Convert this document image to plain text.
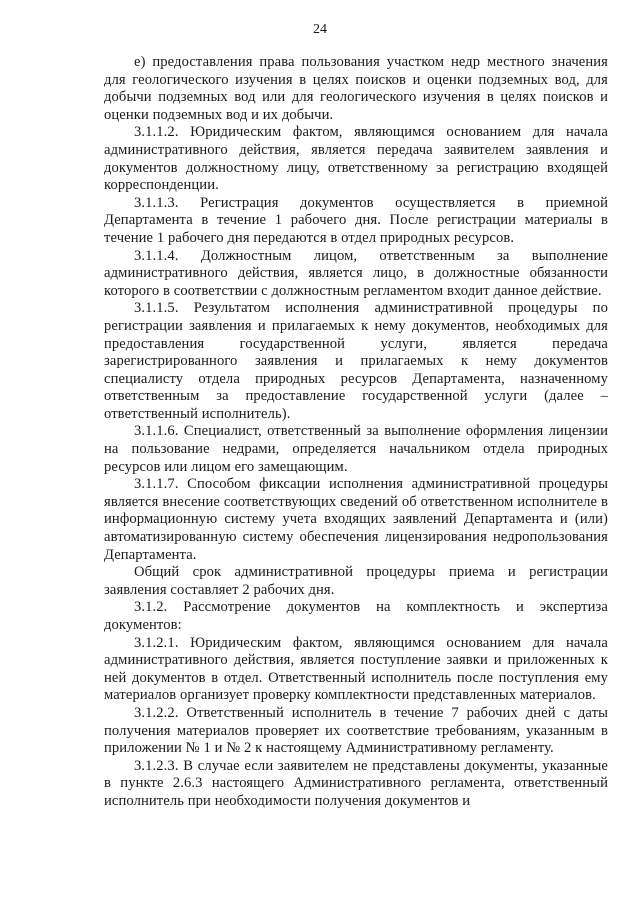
24

е) предоставления права пользования участком недр местного значения для геологического изучения в целях поисков и оценки подземных вод, для добычи подземных вод или для геологического изучения в целях поисков и оценки подземных вод и их добычи.

3.1.1.2. Юридическим фактом, являющимся основанием для начала административного действия, является передача заявителем заявления и документов должностному лицу, ответственному за регистрацию входящей корреспонденции.

3.1.1.3. Регистрация документов осуществляется в приемной Департамента в течение 1 рабочего дня. После регистрации материалы в течение 1 рабочего дня передаются в отдел природных ресурсов.

3.1.1.4. Должностным лицом, ответственным за выполнение административного действия, является лицо, в должностные обязанности которого в соответствии с должностным регламентом входит данное действие.

3.1.1.5. Результатом исполнения административной процедуры по регистрации заявления и прилагаемых к нему документов, необходимых для предоставления государственной услуги, является передача зарегистрированного заявления и прилагаемых к нему документов специалисту отдела природных ресурсов Департамента, назначенному ответственным за предоставление государственной услуги (далее – ответственный исполнитель).

3.1.1.6. Специалист, ответственный за выполнение оформления лицензии на пользование недрами, определяется начальником отдела природных ресурсов или лицом его замещающим.

3.1.1.7. Способом фиксации исполнения административной процедуры является внесение соответствующих сведений об ответственном исполнителе в информационную систему учета входящих заявлений Департамента и (или) автоматизированную систему обеспечения лицензирования недропользования Департамента.

Общий срок административной процедуры приема и регистрации заявления составляет 2 рабочих дня.

3.1.2. Рассмотрение документов на комплектность и экспертиза документов:

3.1.2.1. Юридическим фактом, являющимся основанием для начала административного действия, является поступление заявки и приложенных к ней документов в отдел. Ответственный исполнитель после поступления ему материалов организует проверку комплектности представленных материалов.

3.1.2.2. Ответственный исполнитель в течение 7 рабочих дней с даты получения материалов проверяет их соответствие требованиям, указанным в приложении № 1 и № 2 к настоящему Административному регламенту.

3.1.2.3. В случае если заявителем не представлены документы, указанные в пункте 2.6.3 настоящего Административного регламента, ответственный исполнитель при необходимости получения документов и
